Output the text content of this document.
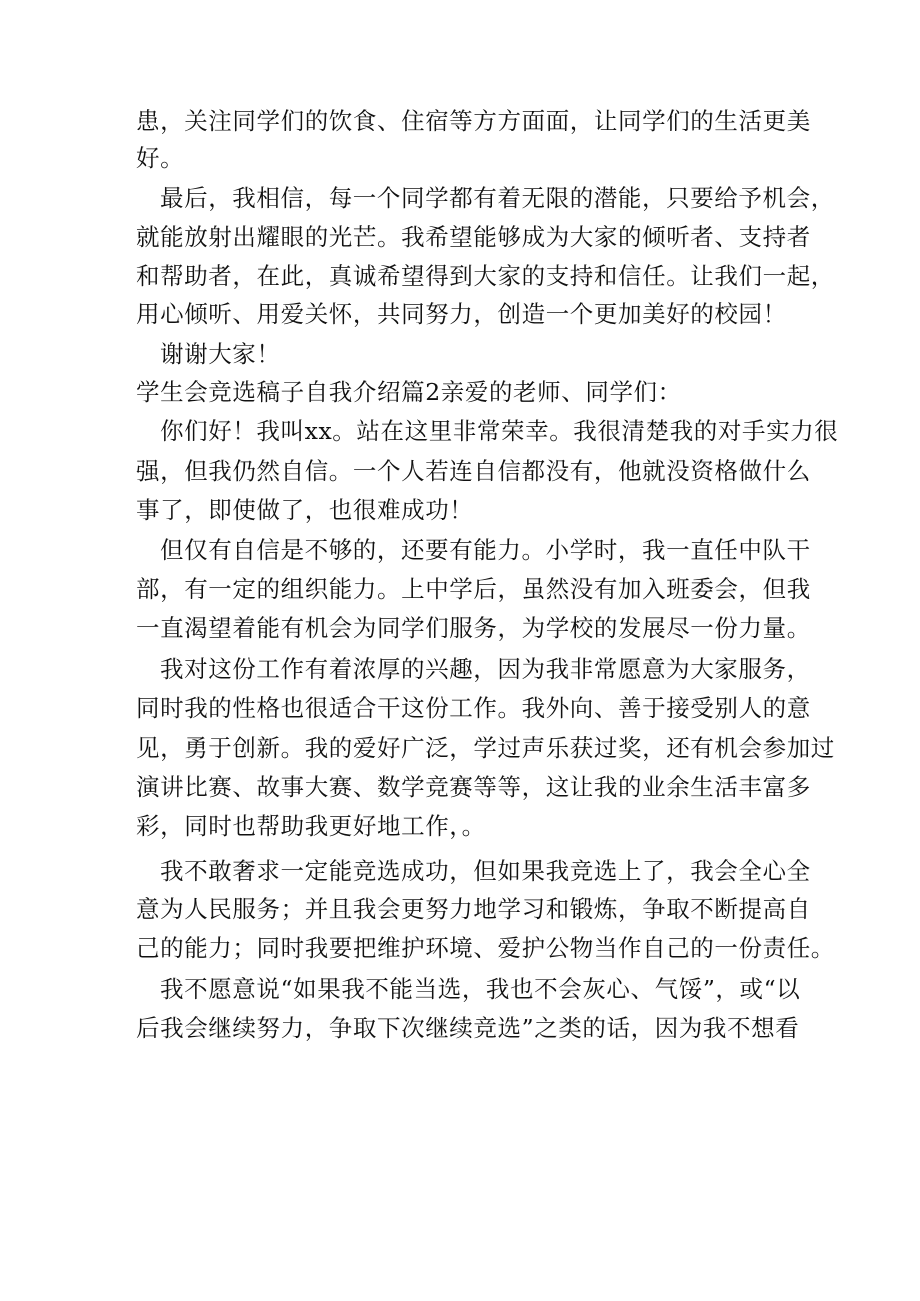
患，关注同学们的饮食、住宿等方方面面，让同学们的生活更美
好。
最后，我相信，每一个同学都有着无限的潜能，只要给予机会，
就能放射出耀眼的光芒。我希望能够成为大家的倾听者、支持者
和帮助者，在此，真诚希望得到大家的支持和信任。让我们一起，
用心倾听、用爱关怀，共同努力，创造一个更加美好的校园！
谢谢大家！
学生会竞选稿子自我介绍篇2亲爱的老师、同学们：
你们好！我叫xx。站在这里非常荣幸。我很清楚我的对手实力很
强，但我仍然自信。一个人若连自信都没有，他就没资格做什么
事了，即使做了，也很难成功！
但仅有自信是不够的，还要有能力。小学时，我一直任中队干
部，有一定的组织能力。上中学后，虽然没有加入班委会，但我
一直渴望着能有机会为同学们服务，为学校的发展尽一份力量。
我对这份工作有着浓厚的兴趣，因为我非常愿意为大家服务，
同时我的性格也很适合干这份工作。我外向、善于接受别人的意
见，勇于创新。我的爱好广泛，学过声乐获过奖，还有机会参加过
演讲比赛、故事大赛、数学竞赛等等，这让我的业余生活丰富多
彩，同时也帮助我更好地工作，。
我不敢奢求一定能竞选成功，但如果我竞选上了，我会全心全
意为人民服务；并且我会更努力地学习和锻炼，争取不断提高自
己的能力；同时我要把维护环境、爱护公物当作自己的一份责任。
我不愿意说“如果我不能当选，我也不会灰心、气馁”，或“以
后我会继续努力，争取下次继续竞选”之类的话，因为我不想看
